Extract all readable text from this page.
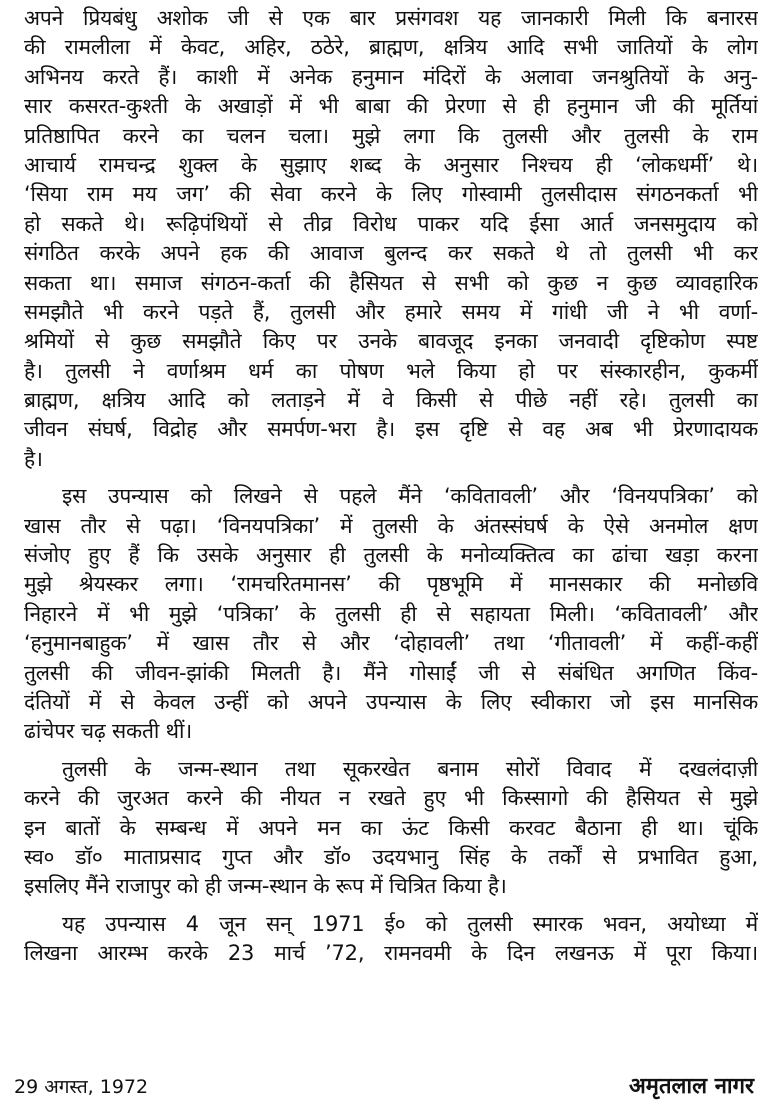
अपने प्रियबंधु अशोक जी से एक बार प्रसंगवश यह जानकारी मिली कि बनारस
की रामलीला में केवट, अहिर, ठठेरे, ब्राह्मण, क्षत्रिय आदि सभी जातियों के लोग
अभिनय करते हैं। काशी में अनेक हनुमान मंदिरों के अलावा जनश्रुतियों के अनु-
सार कसरत-कुश्ती के अखाड़ों में भी बाबा की प्रेरणा से ही हनुमान जी की मूर्तियां
प्रतिष्ठापित करने का चलन चला। मुझे लगा कि तुलसी और तुलसी के राम
आचार्य रामचन्द्र शुक्ल के सुझाए शब्द के अनुसार निश्चय ही ‘लोकधर्मी’ थे।
‘सिया राम मय जग’ की सेवा करने के लिए गोस्वामी तुलसीदास संगठनकर्ता भी
हो सकते थे। रूढ़िपंथियों से तीव्र विरोध पाकर यदि ईसा आर्त जनसमुदाय को
संगठित करके अपने हक की आवाज बुलन्द कर सकते थे तो तुलसी भी कर
सकता था। समाज संगठन-कर्ता की हैसियत से सभी को कुछ न कुछ व्यावहारिक
समझौते भी करने पड़ते हैं, तुलसी और हमारे समय में गांधी जी ने भी वर्णा-
श्रमियों से कुछ समझौते किए पर उनके बावजूद इनका जनवादी दृष्टिकोण स्पष्ट
है। तुलसी ने वर्णाश्रम धर्म का पोषण भले किया हो पर संस्कारहीन, कुकर्मी
ब्राह्मण, क्षत्रिय आदि को लताड़ने में वे किसी से पीछे नहीं रहे। तुलसी का
जीवन संघर्ष, विद्रोह और समर्पण-भरा है। इस दृष्टि से वह अब भी प्रेरणादायक
है।
इस उपन्यास को लिखने से पहले मैंने ‘कवितावली’ और ‘विनयपत्रिका’ को
खास तौर से पढ़ा। ‘विनयपत्रिका’ में तुलसी के अंतस्संघर्ष के ऐसे अनमोल क्षण
संजोए हुए हैं कि उसके अनुसार ही तुलसी के मनोव्यक्तित्व का ढांचा खड़ा करना
मुझे श्रेयस्कर लगा। ‘रामचरितमानस’ की पृष्ठभूमि में मानसकार की मनोछवि
निहारने में भी मुझे ‘पत्रिका’ के तुलसी ही से सहायता मिली। ‘कवितावली’ और
‘हनुमानबाहुक’ में खास तौर से और ‘दोहावली’ तथा ‘गीतावली’ में कहीं-कहीं
तुलसी की जीवन-झांकी मिलती है। मैंने गोसाईं जी से संबंधित अगणित किंव-
दंतियों में से केवल उन्हीं को अपने उपन्यास के लिए स्वीकारा जो इस मानसिक
ढांचेपर चढ़ सकती थीं।
तुलसी के जन्म-स्थान तथा सूकरखेत बनाम सोरों विवाद में दखलंदाज़ी
करने की जुरअत करने की नीयत न रखते हुए भी किस्सागो की हैसियत से मुझे
इन बातों के सम्बन्ध में अपने मन का ऊंट किसी करवट बैठाना ही था। चूंकि
स्व० डॉ० माताप्रसाद गुप्त और डॉ० उदयभानु सिंह के तर्कों से प्रभावित हुआ,
इसलिए मैंने राजापुर को ही जन्म-स्थान के रूप में चित्रित किया है।
यह उपन्यास 4 जून सन् 1971 ई० को तुलसी स्मारक भवन, अयोध्या में
लिखना आरम्भ करके 23 मार्च ’72, रामनवमी के दिन लखनऊ में पूरा किया।
29 अगस्त, 1972	अमृतलाल नागर
